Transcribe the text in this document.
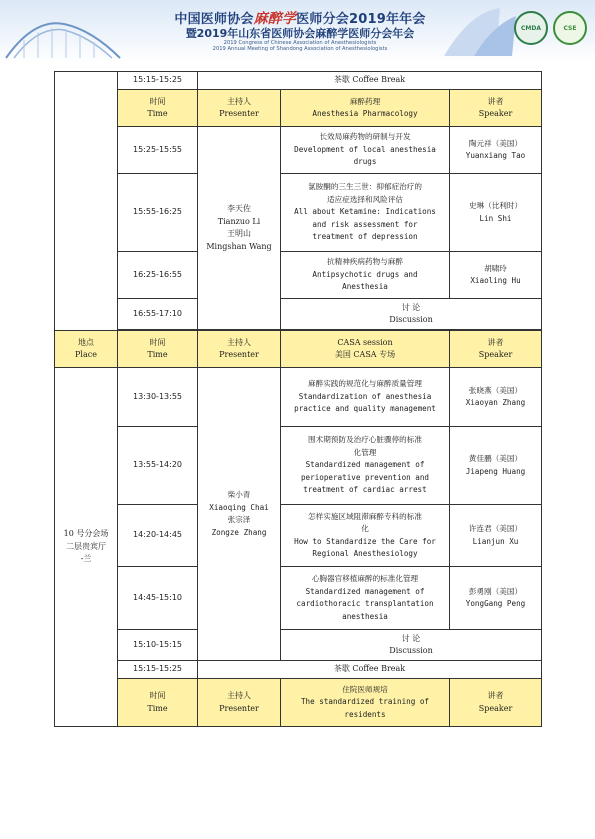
中国医师协会麻醉学医师分会2019年年会
暨2019年山东省医师协会麻醉学医师分会年会
2019 Congress of Chinese Association of Anesthesiologists
2019 Annual Meeting of Shandong Association of Anesthesiologists
CMDA	CSE
	15:15-15:25	茶歇 Coffee Break		
	时间
Time	主持人
Presenter	麻醉药理
Anesthesia Pharmacology	讲者
Speaker
	15:25-15:55	李天佐
Tianzuo Li
王明山
Mingshan Wang	长效局麻药物的研制与开发
Development of local anesthesia
drugs	陶元祥（美国）
Yuanxiang Tao
	15:55-16:25		氯胺酮的三生三世：抑郁症治疗的
适应症选择和风险评估
All about Ketamine: Indications
and risk assessment for
treatment of depression	史琳（比利时）
Lin Shi
	16:25-16:55		抗精神疾病药物与麻醉
Antipsychotic drugs and
Anesthesia	胡啸玲
Xiaoling Hu
	16:55-17:10		讨 论
Discussion	

地点
Place	时间
Time	主持人
Presenter	CASA session
美国 CASA 专场	讲者
Speaker
10 号分会场
二层贵宾厅
-兰	13:30-13:55	柴小青
Xiaoqing Chai
张宗泽
Zongze Zhang	麻醉实践的规范化与麻醉质量管理
Standardization of anesthesia
practice and quality management	张晓燕（美国）
Xiaoyan Zhang
	13:55-14:20		围术期预防及治疗心脏骤停的标准
化管理
Standardized management of
perioperative prevention and
treatment of cardiac arrest	黄佳鹏（美国）
Jiapeng Huang
	14:20-14:45		怎样实施区域阻滞麻醉专科的标准
化
How to Standardize the Care for
Regional Anesthesiology	许连君（美国）
Lianjun Xu
	14:45-15:10		心胸器官移植麻醉的标准化管理
Standardized management of
cardiothoracic transplantation
anesthesia	彭勇刚（美国）
YongGang Peng
	15:10-15:15		讨 论
Discussion	
	15:15-15:25	茶歇 Coffee Break		
	时间
Time	主持人
Presenter	住院医师规培
The standardized training of
residents	讲者
Speaker
